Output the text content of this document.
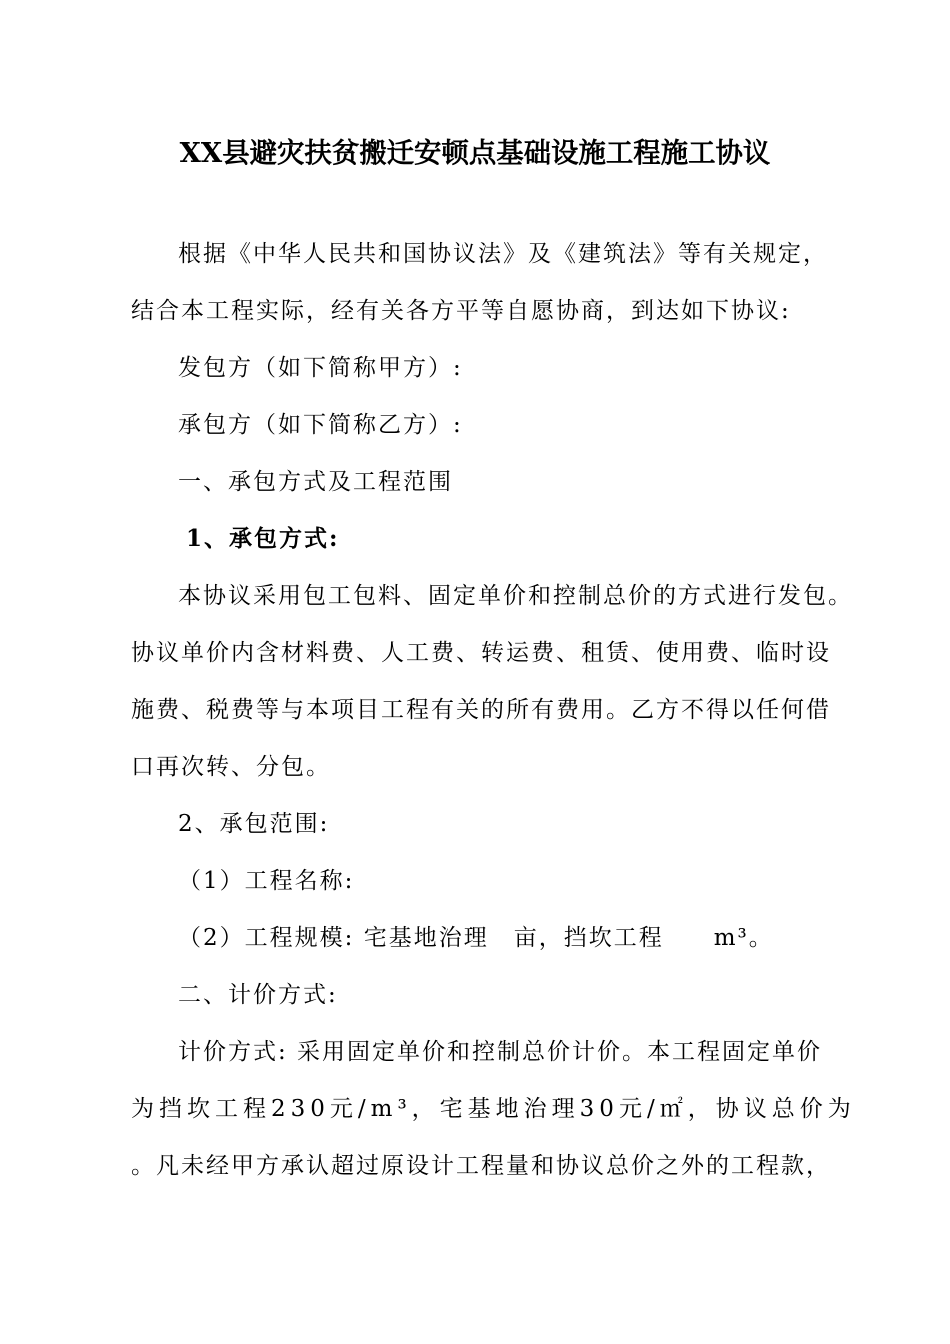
XX县避灾扶贫搬迁安顿点基础设施工程施工协议
根据《中华人民共和国协议法》及《建筑法》等有关规定，
结合本工程实际，经有关各方平等自愿协商，到达如下协议:
发包方（如下简称甲方）:
承包方（如下简称乙方）:
一、承包方式及工程范围
1、承包方式:
本协议采用包工包料、固定单价和控制总价的方式进行发包。
协议单价内含材料费、人工费、转运费、租赁、使用费、临时设
施费、税费等与本项目工程有关的所有费用。乙方不得以任何借
口再次转、分包。
2、承包范围:
（1）工程名称:
（2）工程规模: 宅基地治理　亩，挡坎工程　　m³。
二、计价方式:
计价方式: 采用固定单价和控制总价计价。本工程固定单价
为挡坎工程230元/m³，宅基地治理30元/㎡，协议总价为
。凡未经甲方承认超过原设计工程量和协议总价之外的工程款，
